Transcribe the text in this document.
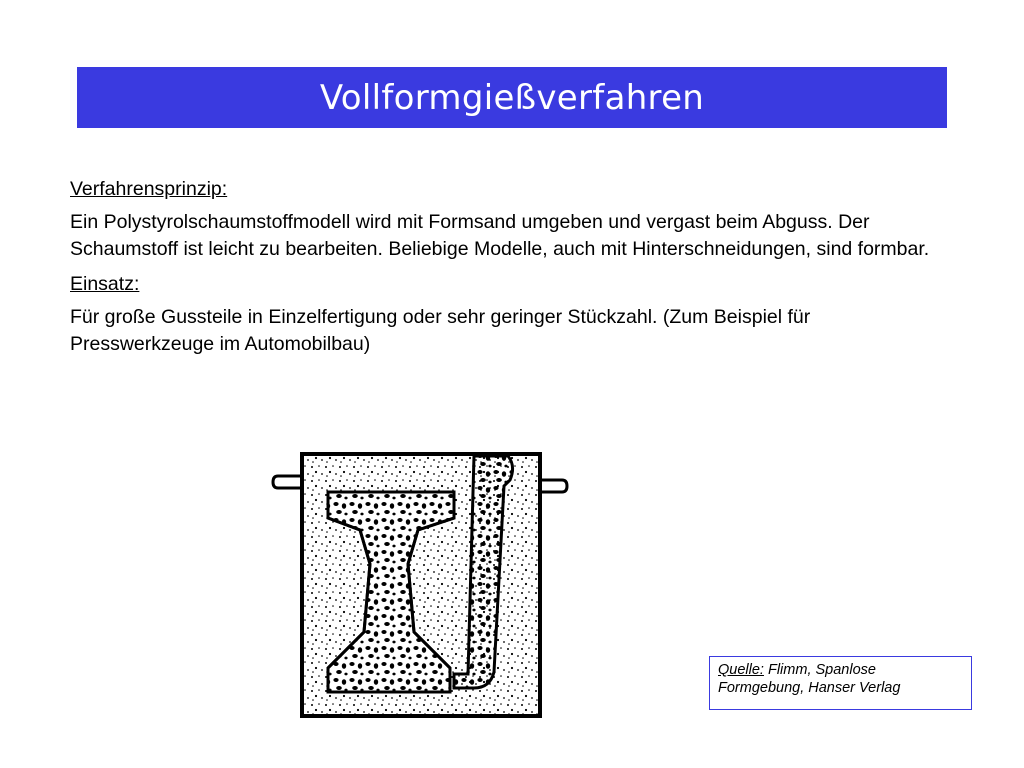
Vollformgießverfahren
Verfahrensprinzip:
Ein Polystyrolschaumstoffmodell wird mit Formsand umgeben und vergast beim Abguss. Der Schaumstoff ist leicht zu bearbeiten. Beliebige Modelle, auch mit Hinterschneidungen, sind formbar.
Einsatz:
Für große Gussteile in Einzelfertigung oder sehr geringer Stückzahl. (Zum Beispiel für Presswerkzeuge im Automobilbau)
Quelle: Flimm, Spanlose Formgebung, Hanser Verlag
